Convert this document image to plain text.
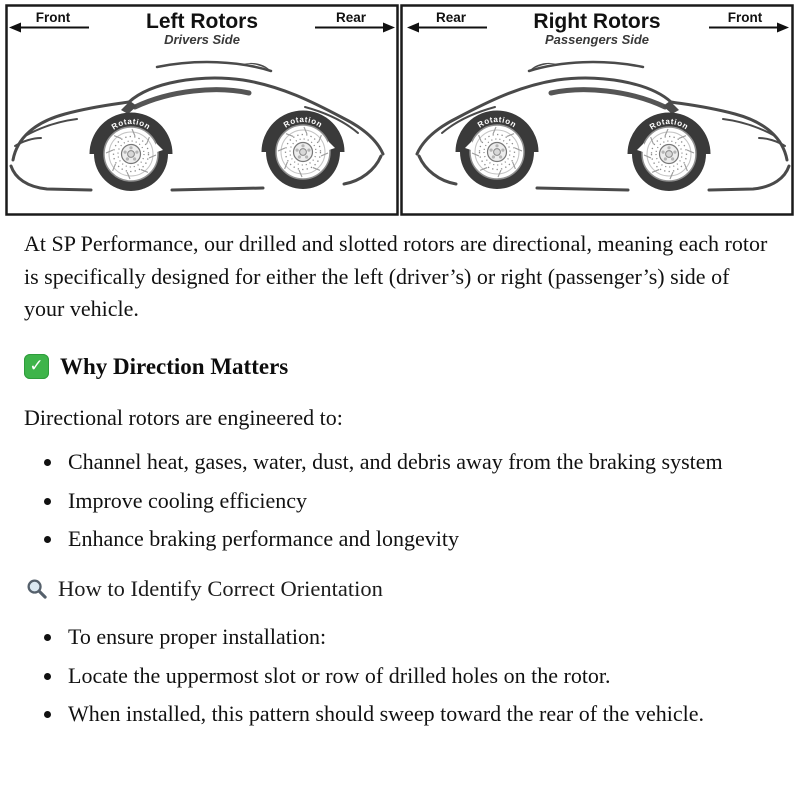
Left Rotors
Drivers Side
Front	Rear	Right Rotors
Passengers Side
Rear	Front
Rotation	Rotation	Rotation	Rotation

At SP Performance, our drilled and slotted rotors are directional, meaning each rotor is specifically designed for either the left (driver’s) or right (passenger’s) side of your vehicle.

✓ Why Direction Matters

Directional rotors are engineered to:

• Channel heat, gases, water, dust, and debris away from the braking system
• Improve cooling efficiency
• Enhance braking performance and longevity
How to Identify Correct Orientation
• To ensure proper installation:
• Locate the uppermost slot or row of drilled holes on the rotor.
• When installed, this pattern should sweep toward the rear of the vehicle.
